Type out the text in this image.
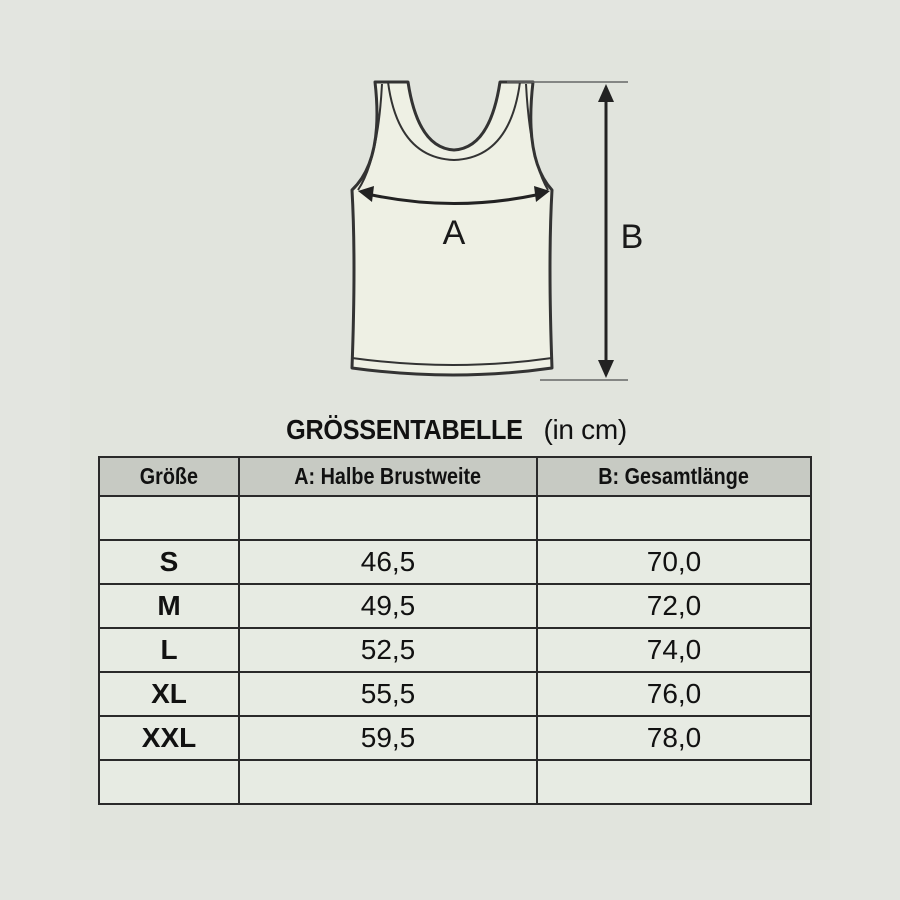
A	B
GRÖSSENTABELLE (in cm)
Größe	A: Halbe Brustweite	B: Gesamtlänge

S	46,5	70,0
M	49,5	72,0
L	52,5	74,0
XL	55,5	76,0
XXL	59,5	78,0
